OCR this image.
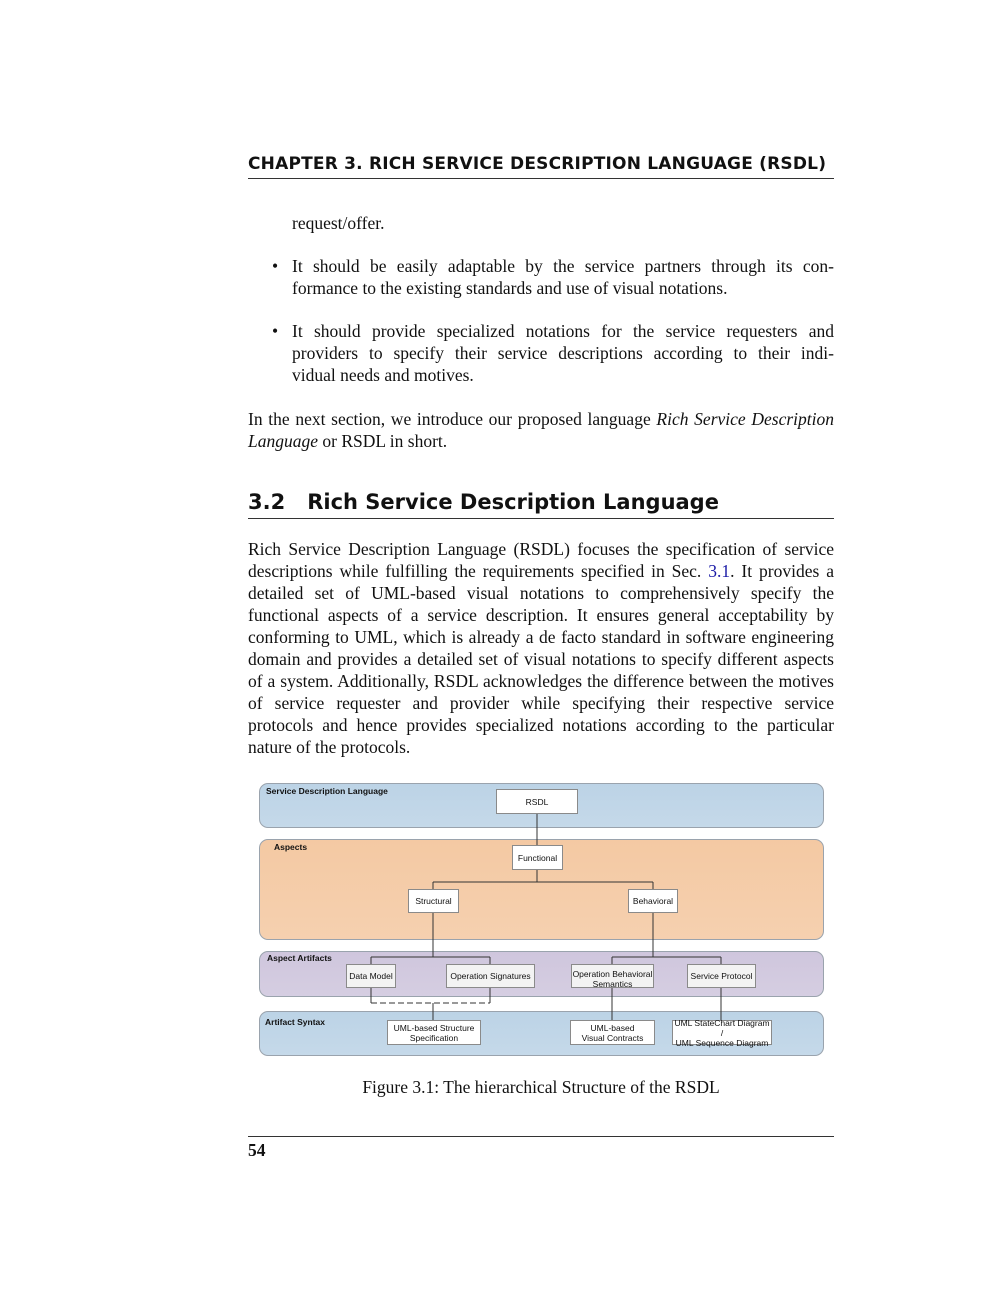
CHAPTER 3. RICH SERVICE DESCRIPTION LANGUAGE (RSDL)
request/offer.
• It should be easily adaptable by the service partners through its con-
formance to the existing standards and use of visual notations.
• It should provide specialized notations for the service requesters and
providers to specify their service descriptions according to their indi-
vidual needs and motives.
In the next section, we introduce our proposed language Rich Service Description Language or RSDL in short.
3.2 Rich Service Description Language
Rich Service Description Language (RSDL) focuses the specification of service descriptions while fulfilling the requirements specified in Sec. 3.1. It provides a detailed set of UML-based visual notations to comprehensively specify the functional aspects of a service description. It ensures general acceptability by conforming to UML, which is already a de facto standard in software engineering domain and provides a detailed set of visual notations to specify different aspects of a system. Additionally, RSDL acknowledges the difference between the motives of service requester and provider while specifying their respective service protocols and hence provides specialized notations according to the particular nature of the protocols.
Service Description Language
Aspects
Aspect Artifacts
Artifact Syntax
RSDL
Functional
Structural	Behavioral
Data Model	Operation Signatures	Operation Behavioral
Semantics
Service Protocol
UML-based Structure
Specification
UML-based
Visual Contracts
UML StateChart Diagram /
UML Sequence Diagram
Figure 3.1: The hierarchical Structure of the RSDL
54
